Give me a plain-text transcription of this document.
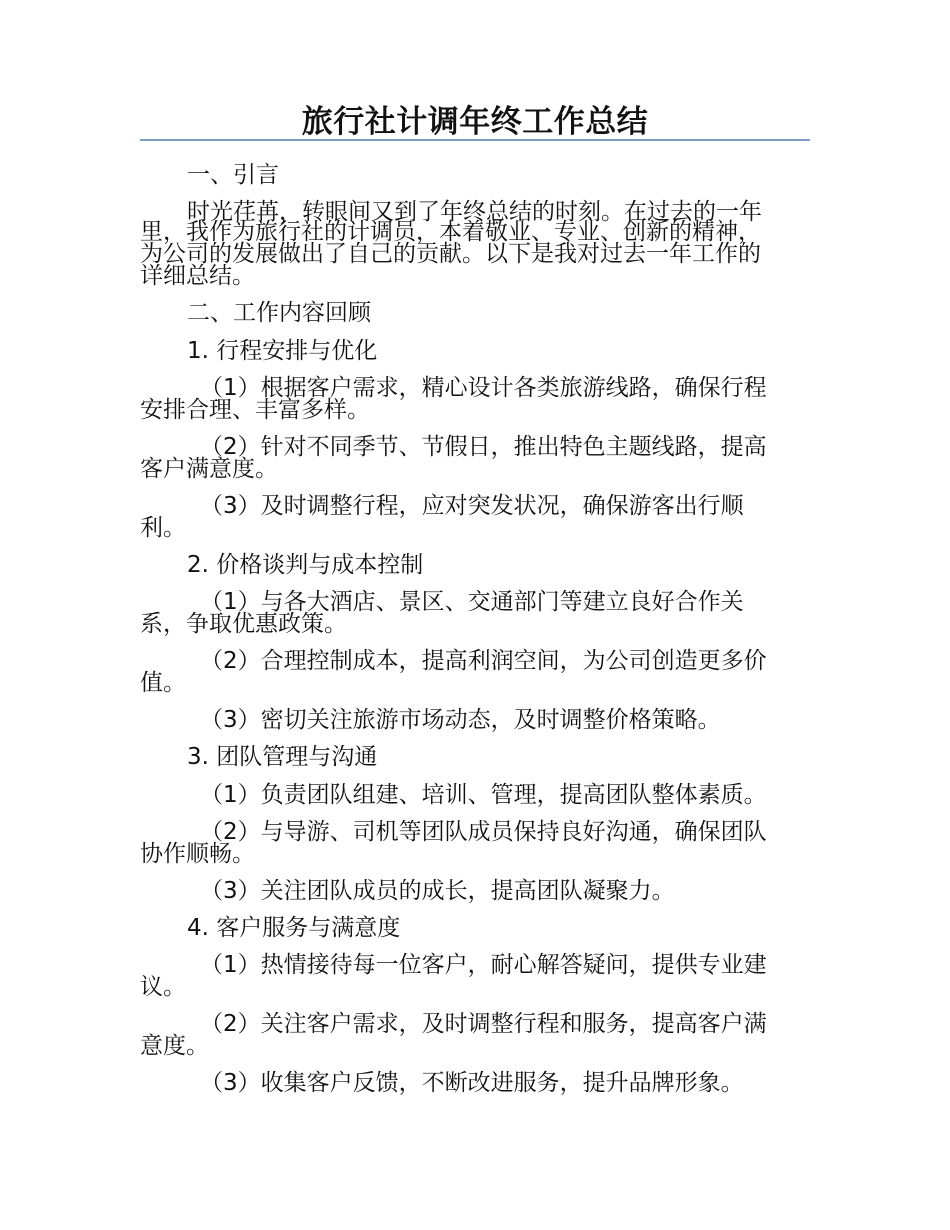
旅行社计调年终工作总结

一、引言

时光荏苒，转眼间又到了年终总结的时刻。在过去的一年

里，我作为旅行社的计调员，本着敬业、专业、创新的精神，

为公司的发展做出了自己的贡献。以下是我对过去一年工作的

详细总结。

二、工作内容回顾

1. 行程安排与优化

（1）根据客户需求，精心设计各类旅游线路，确保行程

安排合理、丰富多样。

（2）针对不同季节、节假日，推出特色主题线路，提高

客户满意度。

（3）及时调整行程，应对突发状况，确保游客出行顺

利。

2. 价格谈判与成本控制

（1）与各大酒店、景区、交通部门等建立良好合作关

系，争取优惠政策。

（2）合理控制成本，提高利润空间，为公司创造更多价

值。

（3）密切关注旅游市场动态，及时调整价格策略。

3. 团队管理与沟通

（1）负责团队组建、培训、管理，提高团队整体素质。

（2）与导游、司机等团队成员保持良好沟通，确保团队

协作顺畅。

（3）关注团队成员的成长，提高团队凝聚力。

4. 客户服务与满意度

（1）热情接待每一位客户，耐心解答疑问，提供专业建

议。

（2）关注客户需求，及时调整行程和服务，提高客户满

意度。

（3）收集客户反馈，不断改进服务，提升品牌形象。
